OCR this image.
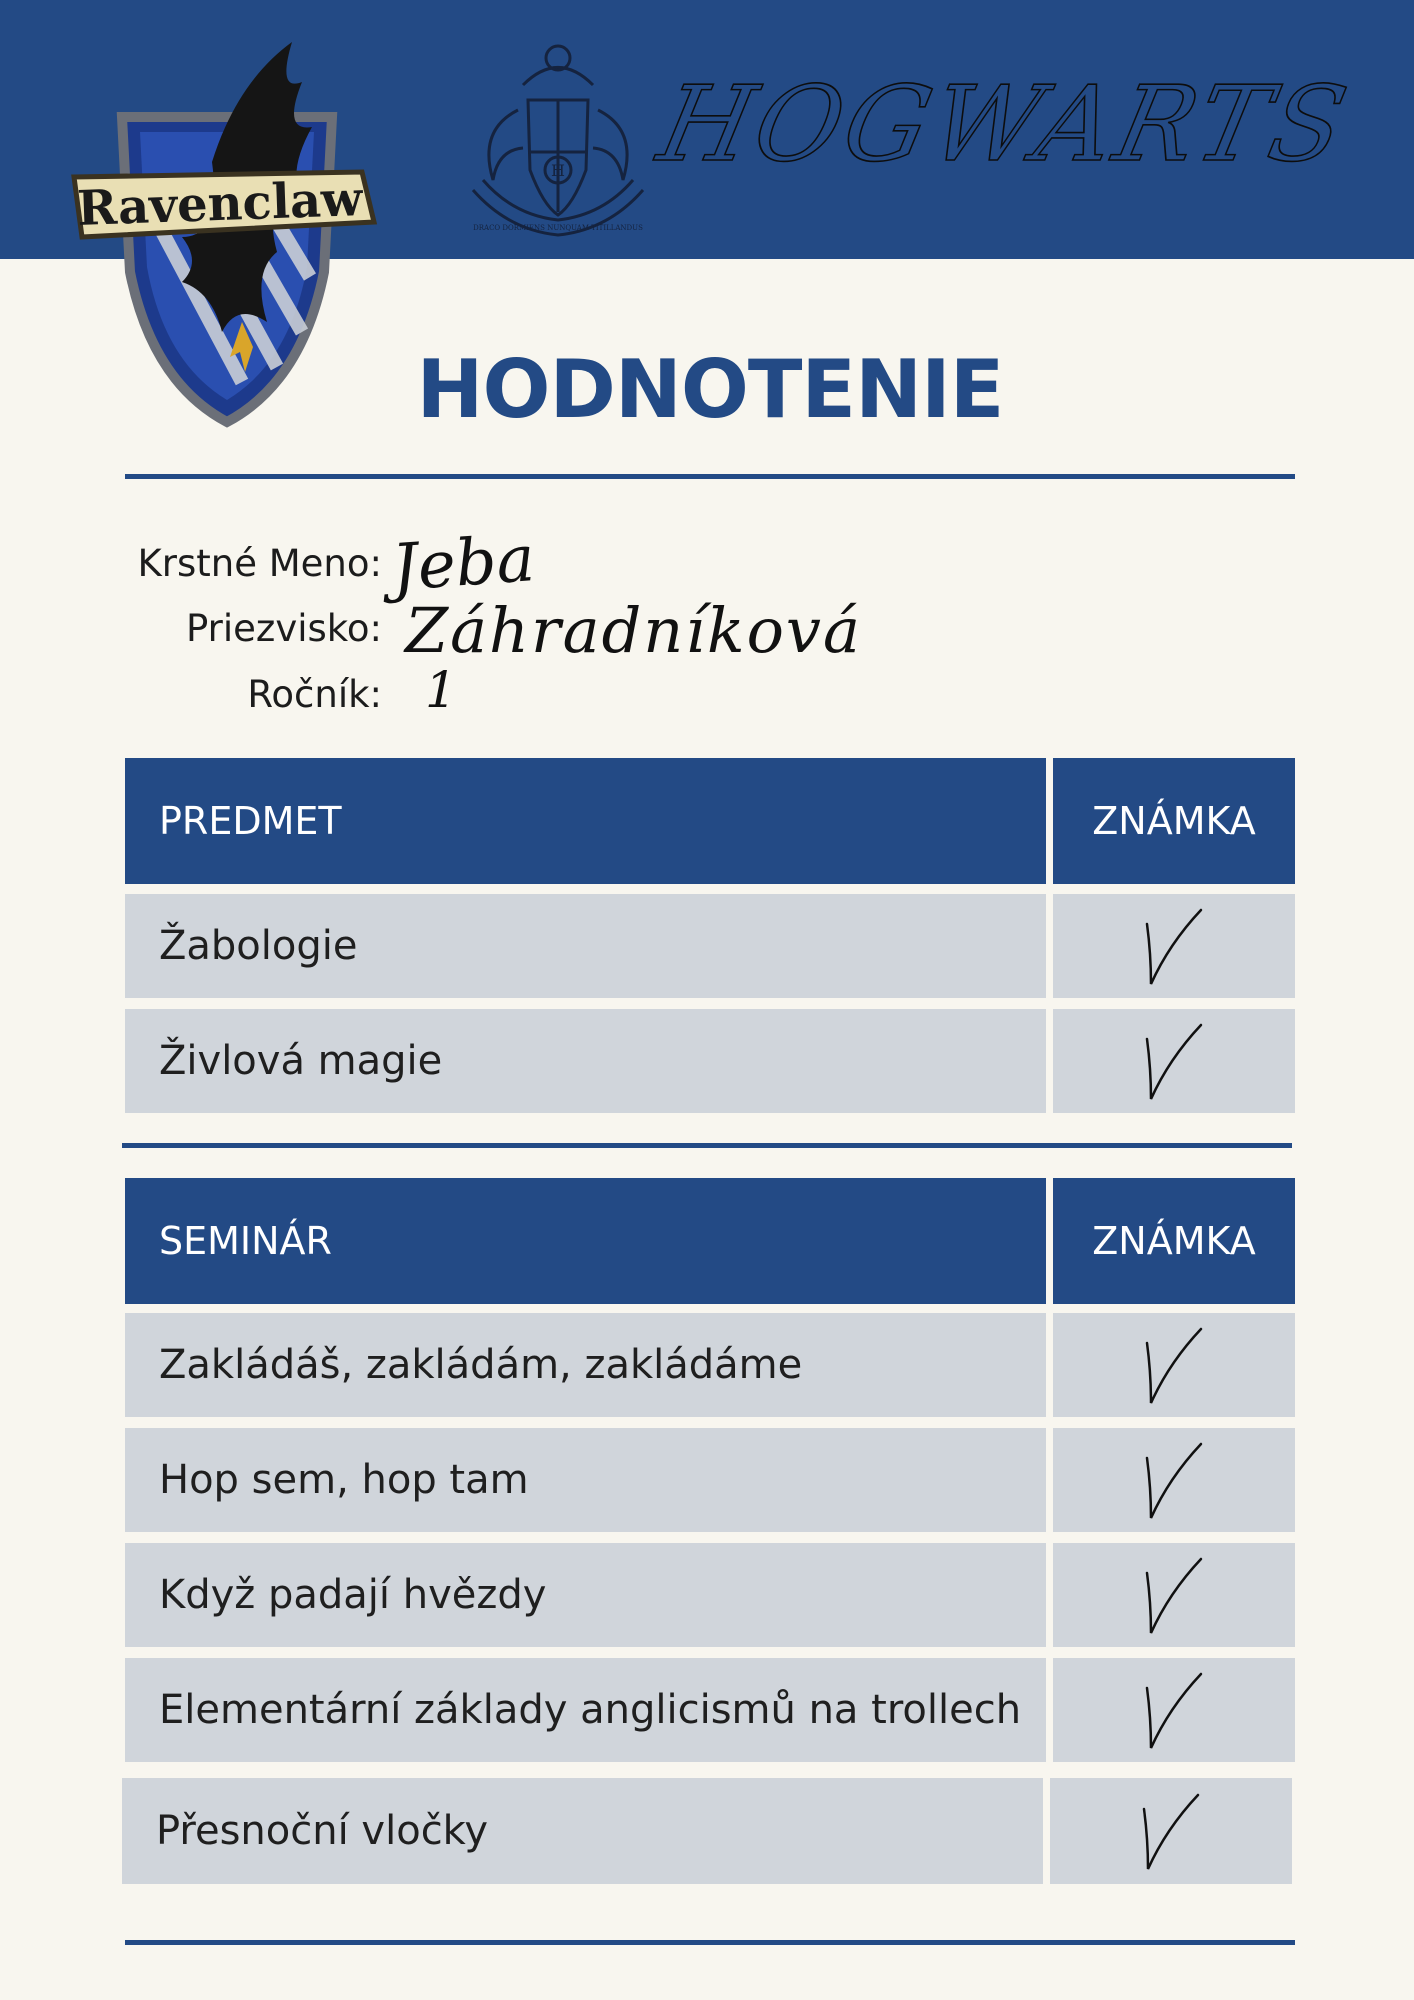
Ravenclaw
H
DRACO DORMIENS NUNQUAM TITILLANDUS
HOGWARTS
HODNOTENIE
Krstné Meno:
Priezvisko:
Ročník:
Jeba
Záhradníková
1
PREDMET	ZNÁMKA
Žabologie
Živlová magie
SEMINÁR	ZNÁMKA
Zakládáš, zakládám, zakládáme
Hop sem, hop tam
Když padají hvězdy
Elementární základy anglicismů na trollech
Přesnoční vločky
